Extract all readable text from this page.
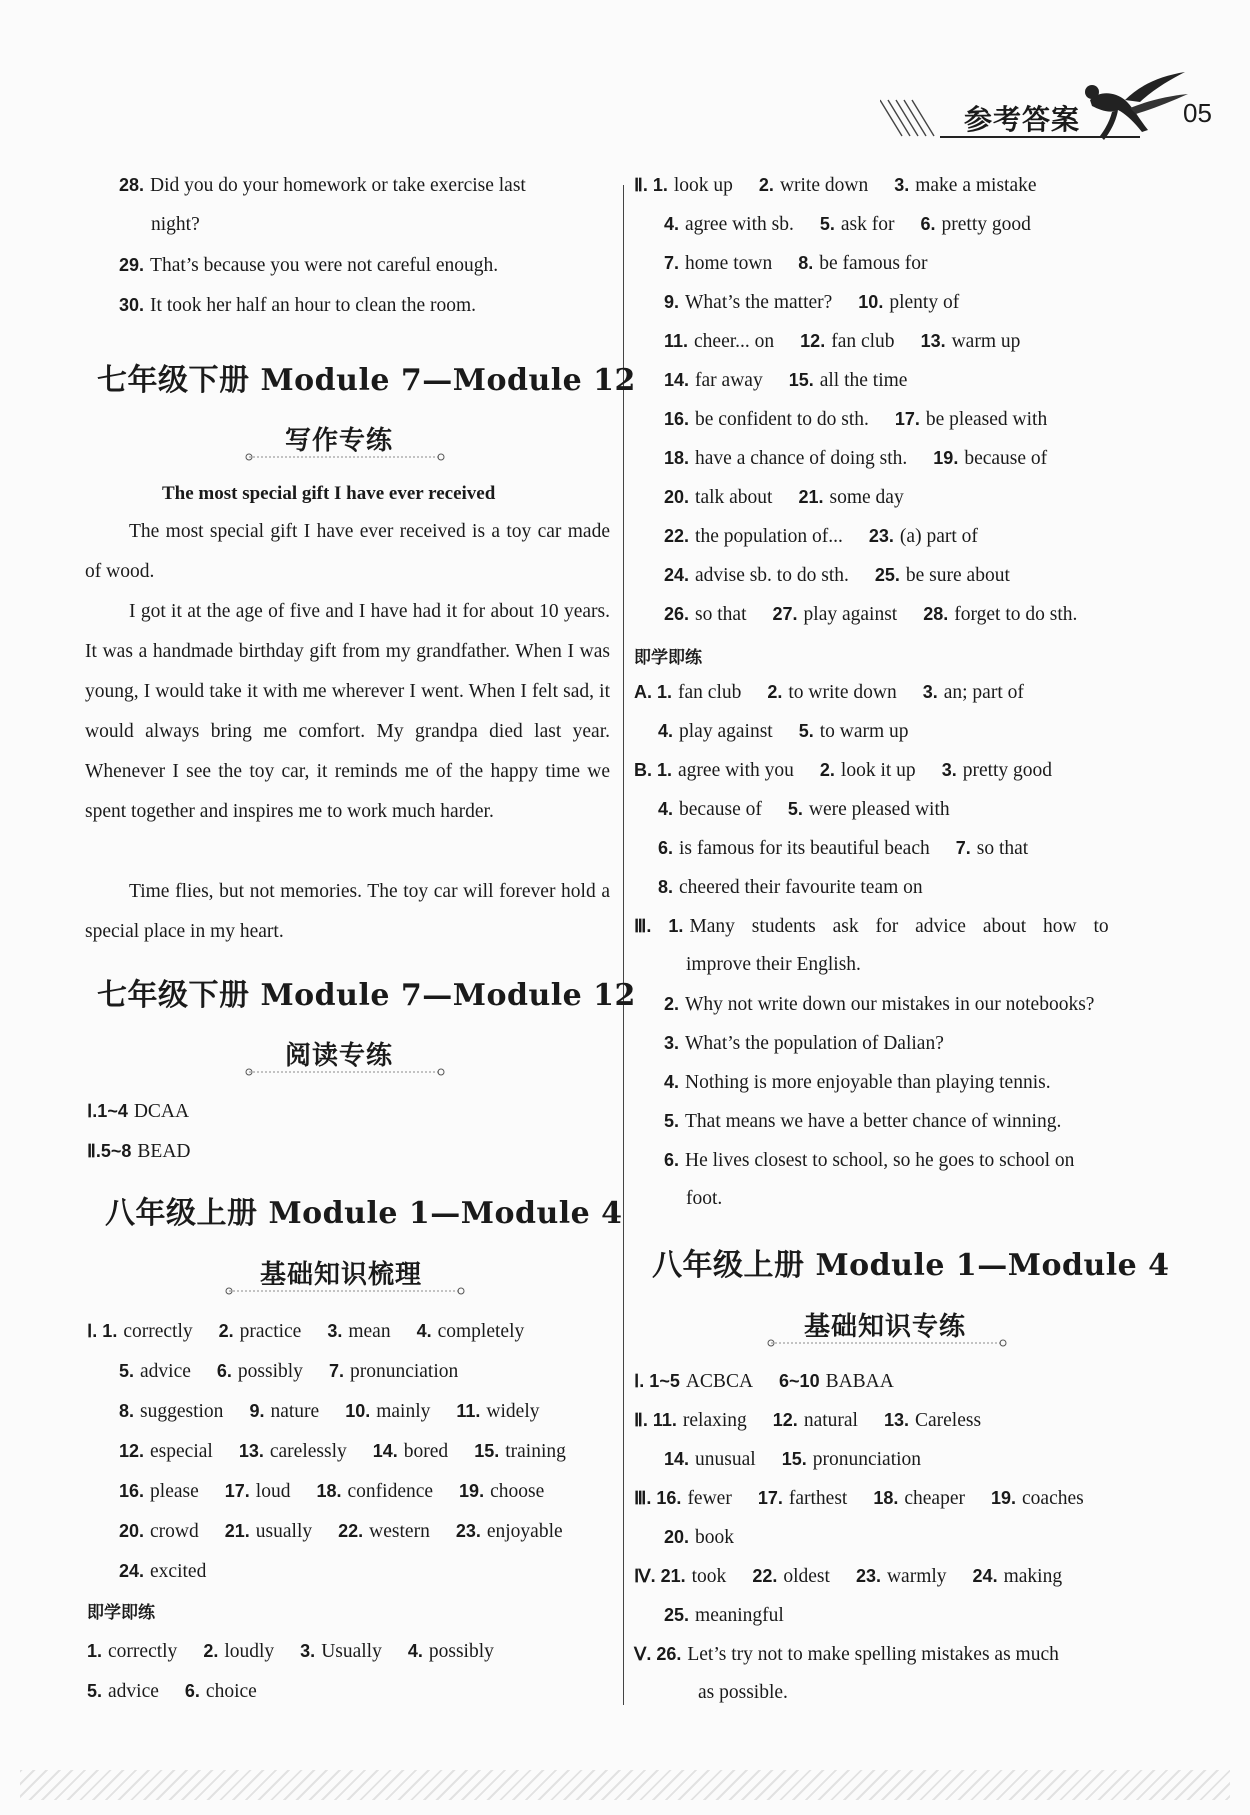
参考答案	05
28. Did you do your homework or take exercise last
night?
29. That’s because you were not careful enough.
30. It took her half an hour to clean the room.
七年级下册 Module 7—Module 12
写作专练
The most special gift I have ever received
The most special gift I have ever received is a toy car made of wood.
I got it at the age of five and I have had it for about 10 years. It was a handmade birthday gift from my grandfather. When I was young, I would take it with me wherever I went. When I felt sad, it would always bring me comfort. My grandpa died last year. Whenever I see the toy car, it reminds me of the happy time we spent together and inspires me to work much harder.
Time flies, but not memories. The toy car will forever hold a special place in my heart.
七年级下册 Module 7—Module 12
阅读专练
Ⅰ.1~4 DCAA
Ⅱ.5~8 BEAD
八年级上册 Module 1—Module 4
基础知识梳理
Ⅰ. 1. correctly 2. practice 3. mean 4. completely
5. advice 6. possibly 7. pronunciation
8. suggestion 9. nature 10. mainly 11. widely
12. especial 13. carelessly 14. bored 15. training
16. please 17. loud 18. confidence 19. choose
20. crowd 21. usually 22. western 23. enjoyable
24. excited
即学即练
1. correctly 2. loudly 3. Usually 4. possibly
5. advice 6. choice
Ⅱ. 1. look up 2. write down 3. make a mistake
4. agree with sb. 5. ask for 6. pretty good
7. home town 8. be famous for
9. What’s the matter? 10. plenty of
11. cheer... on 12. fan club 13. warm up
14. far away 15. all the time
16. be confident to do sth. 17. be pleased with
18. have a chance of doing sth. 19. because of
20. talk about 21. some day
22. the population of... 23. (a) part of
24. advise sb. to do sth. 25. be sure about
26. so that 27. play against 28. forget to do sth.
即学即练
A. 1. fan club 2. to write down 3. an; part of
4. play against 5. to warm up
B. 1. agree with you 2. look it up 3. pretty good
4. because of 5. were pleased with
6. is famous for its beautiful beach 7. so that
8. cheered their favourite team on
Ⅲ. 1. Many students ask for advice about how to
improve their English.
2. Why not write down our mistakes in our notebooks?
3. What’s the population of Dalian?
4. Nothing is more enjoyable than playing tennis.
5. That means we have a better chance of winning.
6. He lives closest to school, so he goes to school on
foot.
八年级上册 Module 1—Module 4
基础知识专练
Ⅰ. 1~5 ACBCA 6~10 BABAA
Ⅱ. 11. relaxing 12. natural 13. Careless
14. unusual 15. pronunciation
Ⅲ. 16. fewer 17. farthest 18. cheaper 19. coaches
20. book
Ⅳ. 21. took 22. oldest 23. warmly 24. making
25. meaningful
Ⅴ. 26. Let’s try not to make spelling mistakes as much
as possible.
